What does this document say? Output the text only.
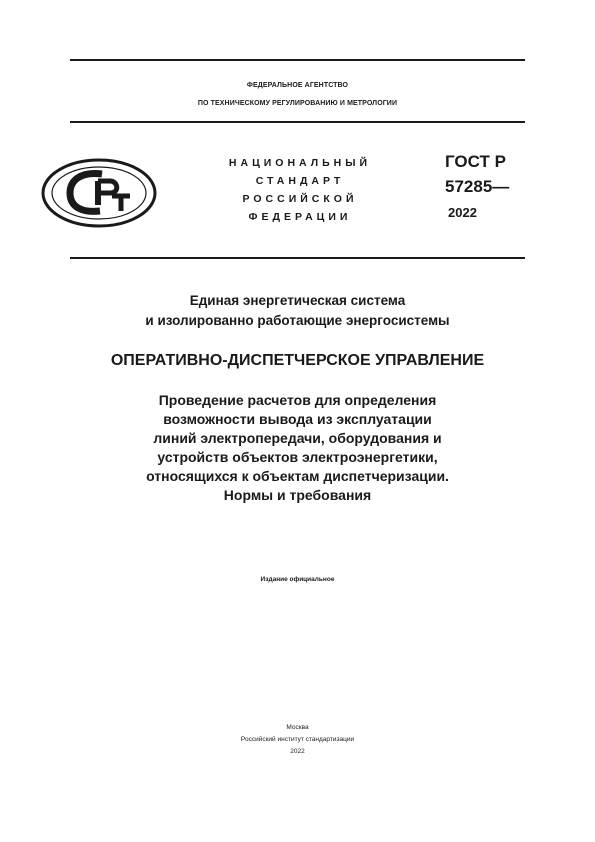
ФЕДЕРАЛЬНОЕ АГЕНТСТВО
ПО ТЕХНИЧЕСКОМУ РЕГУЛИРОВАНИЮ И МЕТРОЛОГИИ
НАЦИОНАЛЬНЫЙ
СТАНДАРТ
РОССИЙСКОЙ
ФЕДЕРАЦИИ
ГОСТ Р
57285—
2022
Единая энергетическая система
и изолированно работающие энергосистемы
ОПЕРАТИВНО-ДИСПЕТЧЕРСКОЕ УПРАВЛЕНИЕ
Проведение расчетов для определения
возможности вывода из эксплуатации
линий электропередачи, оборудования и
устройств объектов электроэнергетики,
относящихся к объектам диспетчеризации.
Нормы и требования
Издание официальное
Москва
Российский институт стандартизации
2022
